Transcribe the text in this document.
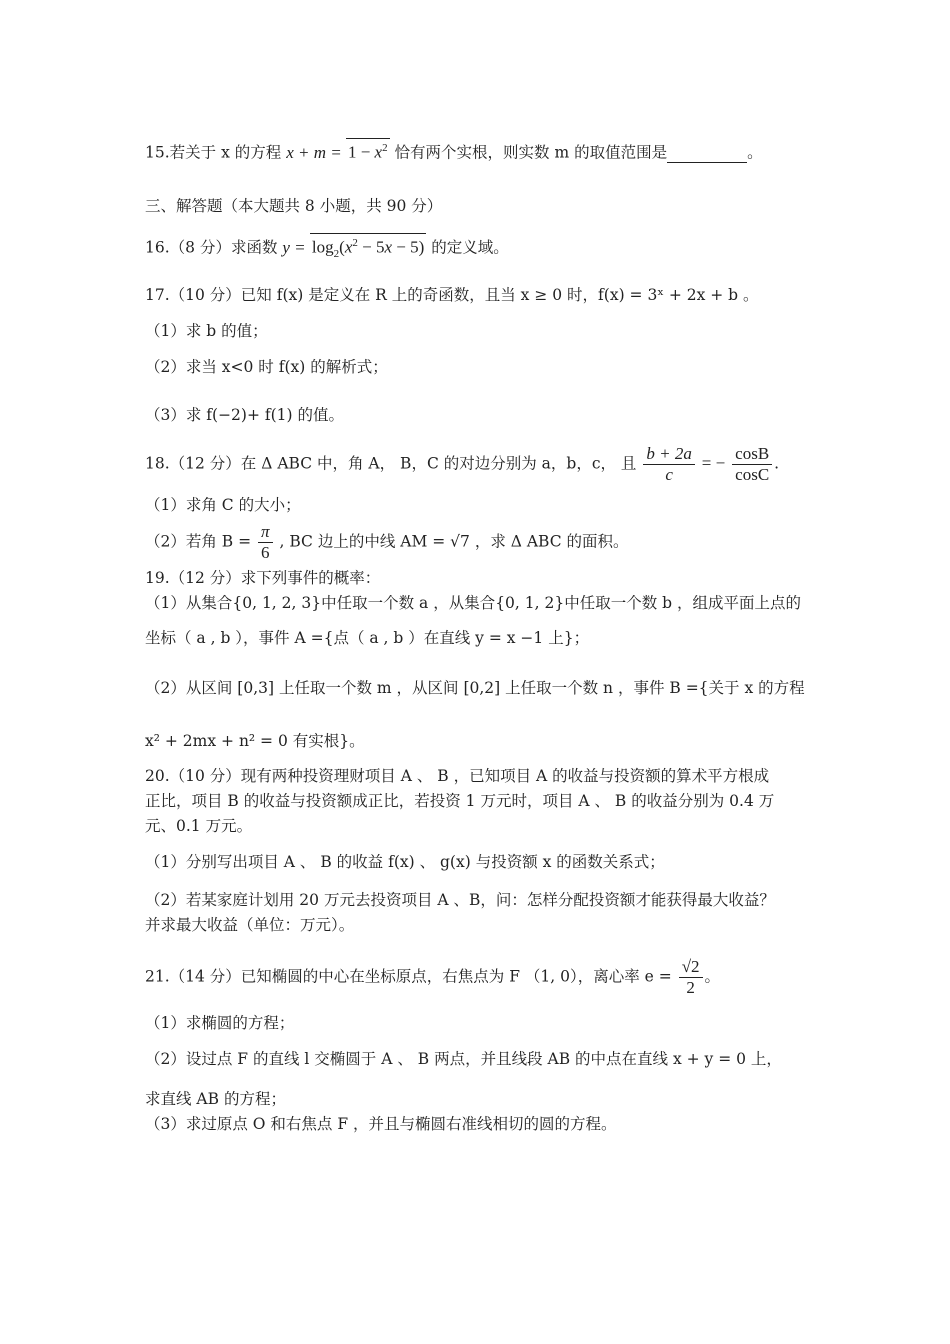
15.若关于 x 的方程 $x + m = 1 - x^2$ 恰有两个实根，则实数 m 的取值范围是	。
三、解答题（本大题共 8 小题，共 90 分）
16.（8 分）求函数 $y = \log_2(x^2 - 5x - 5)$ 的定义域。
17.（10 分）已知 f(x) 是定义在 R 上的奇函数，且当 x ≥ 0 时，f(x) = 3ˣ + 2x + b 。
（1）求 b 的值；
（2）求当 x<0 时 f(x) 的解析式；
（3）求 f(−2)+ f(1) 的值。
18.（12 分）在 Δ ABC 中，角 A， B，C 的对边分别为 a，b，c， 且 $\frac{b + 2a}{c}$ = − $\frac{\cos B}{\cos C}$ .
（1）求角 C 的大小；
（2）若角 $B = \frac{\pi}{6}$ , BC 边上的中线 AM = √7 ，求 Δ ABC 的面积。
19.（12 分）求下列事件的概率：
（1）从集合{0, 1, 2, 3}中任取一个数 a ，从集合{0, 1, 2}中任取一个数 b ，组成平面上点的
坐标（ a , b ），事件 A ={点（ a , b ）在直线 y = x −1 上}；
（2）从区间 [0,3] 上任取一个数 m ，从区间 [0,2] 上任取一个数 n ，事件 B ={关于 x 的方程
x² + 2mx + n² = 0 有实根}。
20.（10 分）现有两种投资理财项目 A 、 B ，已知项目 A 的收益与投资额的算术平方根成
正比，项目 B 的收益与投资额成正比，若投资 1 万元时，项目 A 、 B 的收益分别为 0.4 万
元、0.1 万元。
（1）分别写出项目 A 、 B 的收益 f(x) 、 g(x) 与投资额 x 的函数关系式；
（2）若某家庭计划用 20 万元去投资项目 A 、B，问：怎样分配投资额才能获得最大收益？
并求最大收益（单位：万元）。
21.（14 分）已知椭圆的中心在坐标原点，右焦点为 F （1, 0），离心率 $e = \frac{√2}{2}$ 。
（1）求椭圆的方程；
（2）设过点 F 的直线 l 交椭圆于 A 、 B 两点，并且线段 AB 的中点在直线 x + y = 0 上，
求直线 AB 的方程；
（3）求过原点 O 和右焦点 F ，并且与椭圆右准线相切的圆的方程。
